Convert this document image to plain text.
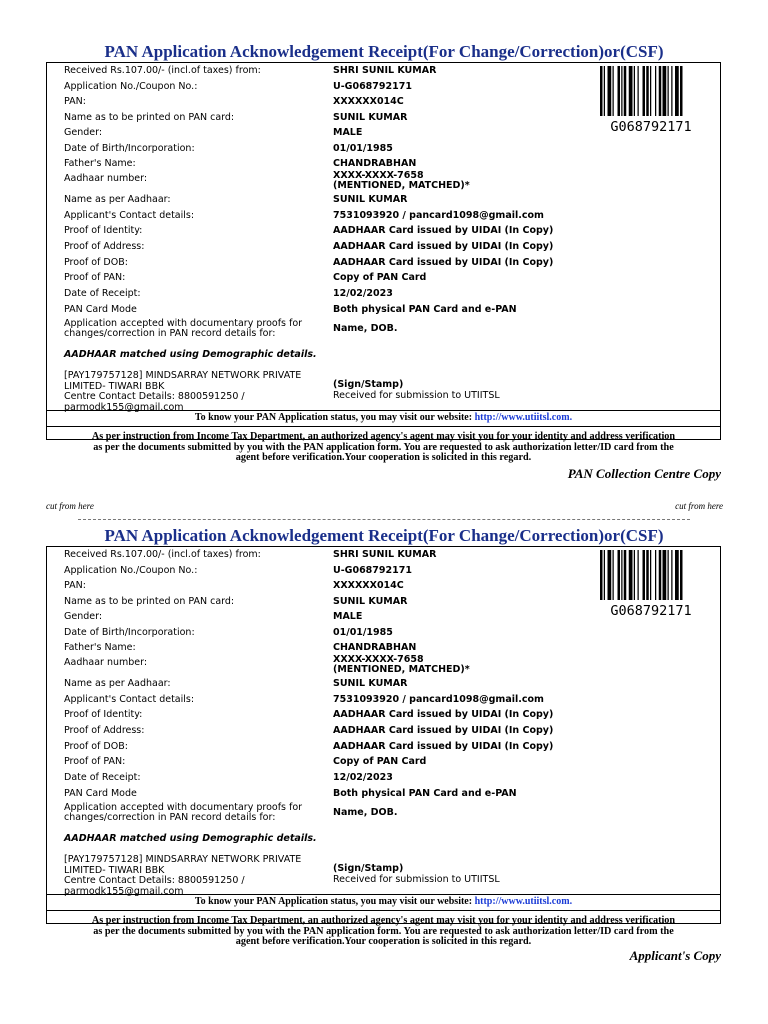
PAN Application Acknowledgement Receipt(For Change/Correction)or(CSF)
Received Rs.107.00/- (incl.of taxes) from:	SHRI SUNIL KUMAR
Application No./Coupon No.:	U-G068792171
PAN:	XXXXXX014C
Name as to be printed on PAN card:	SUNIL KUMAR
Gender:	MALE
Date of Birth/Incorporation:	01/01/1985
Father's Name:	CHANDRABHAN
Aadhaar number:	XXXX-XXXX-7658
(MENTIONED, MATCHED)*
Name as per Aadhaar:	SUNIL KUMAR
Applicant's Contact details:	7531093920 / pancard1098@gmail.com
Proof of Identity:	AADHAAR Card issued by UIDAI (In Copy)
Proof of Address:	AADHAAR Card issued by UIDAI (In Copy)
Proof of DOB:	AADHAAR Card issued by UIDAI (In Copy)
Proof of PAN:	Copy of PAN Card
Date of Receipt:	12/02/2023
PAN Card Mode	Both physical PAN Card and e-PAN
Application accepted with documentary proofs for
changes/correction in PAN record details for:	Name, DOB.
AADHAAR matched using Demographic details.
[PAY179757128] MINDSARRAY NETWORK PRIVATE
LIMITED- TIWARI BBK
Centre Contact Details: 8800591250 /
parmodk155@gmail.com
(Sign/Stamp)
Received for submission to UTIITSL
To know your PAN Application status, you may visit our website: http://www.utiitsl.com.
As per instruction from Income Tax Department, an authorized agency's agent may visit you for your identity and address verification
as per the documents submitted by you with the PAN application form. You are requested to ask authorization letter/ID card from the
agent before verification.Your cooperation is solicited in this regard.
G068792171
PAN Collection Centre Copy
cut from here	cut from here
PAN Application Acknowledgement Receipt(For Change/Correction)or(CSF)
Received Rs.107.00/- (incl.of taxes) from:	SHRI SUNIL KUMAR
Application No./Coupon No.:	U-G068792171
PAN:	XXXXXX014C
Name as to be printed on PAN card:	SUNIL KUMAR
Gender:	MALE
Date of Birth/Incorporation:	01/01/1985
Father's Name:	CHANDRABHAN
Aadhaar number:	XXXX-XXXX-7658
(MENTIONED, MATCHED)*
Name as per Aadhaar:	SUNIL KUMAR
Applicant's Contact details:	7531093920 / pancard1098@gmail.com
Proof of Identity:	AADHAAR Card issued by UIDAI (In Copy)
Proof of Address:	AADHAAR Card issued by UIDAI (In Copy)
Proof of DOB:	AADHAAR Card issued by UIDAI (In Copy)
Proof of PAN:	Copy of PAN Card
Date of Receipt:	12/02/2023
PAN Card Mode	Both physical PAN Card and e-PAN
Application accepted with documentary proofs for
changes/correction in PAN record details for:	Name, DOB.
AADHAAR matched using Demographic details.
[PAY179757128] MINDSARRAY NETWORK PRIVATE
LIMITED- TIWARI BBK
Centre Contact Details: 8800591250 /
parmodk155@gmail.com
(Sign/Stamp)
Received for submission to UTIITSL
To know your PAN Application status, you may visit our website: http://www.utiitsl.com.
As per instruction from Income Tax Department, an authorized agency's agent may visit you for your identity and address verification
as per the documents submitted by you with the PAN application form. You are requested to ask authorization letter/ID card from the
agent before verification.Your cooperation is solicited in this regard.
G068792171
Applicant's Copy
